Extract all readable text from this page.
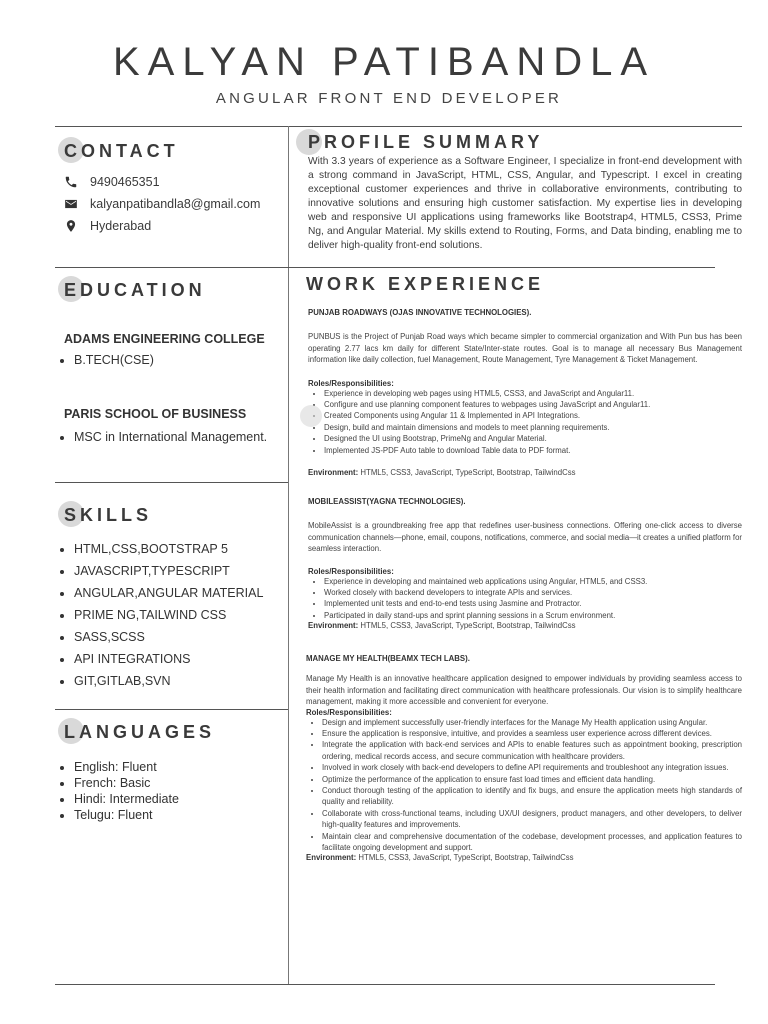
KALYAN PATIBANDLA
ANGULAR FRONT END DEVELOPER
CONTACT
9490465351
kalyanpatibandla8@gmail.com
Hyderabad
EDUCATION
ADAMS ENGINEERING COLLEGE
• B.TECH(CSE)
PARIS SCHOOL OF BUSINESS
• MSC in International Management.
SKILLS
• HTML,CSS,BOOTSTRAP 5
• JAVASCRIPT,TYPESCRIPT
• ANGULAR,ANGULAR MATERIAL
• PRIME NG,TAILWIND CSS
• SASS,SCSS
• API INTEGRATIONS
• GIT,GITLAB,SVN
LANGUAGES
• English: Fluent
• French: Basic
• Hindi: Intermediate
• Telugu: Fluent
PROFILE SUMMARY
With 3.3 years of experience as a Software Engineer, I specialize in front-end development with a strong command in JavaScript, HTML, CSS, Angular, and Typescript. I excel in creating exceptional customer experiences and thrive in collaborative environments, contributing to innovative solutions and ensuring high customer satisfaction. My expertise lies in developing web and responsive UI applications using frameworks like Bootstrap4, HTML5, CSS3, Prime Ng, and Angular Material. My skills extend to Routing, Forms, and Data binding, enabling me to deliver high-quality front-end solutions.
WORK EXPERIENCE
PUNJAB ROADWAYS (OJAS INNOVATIVE TECHNOLOGIES).
PUNBUS is the Project of Punjab Road ways which became simpler to commercial organization and With Pun bus has been operating 2.77 lacs km daily for different State/Inter-state routes. Goal is to manage all necessary Bus Management information like daily collection, fuel Management, Route Management, Tyre Management & Ticket Management.
Roles/Responsibilities:
• Experience in developing web pages using HTML5, CSS3, and JavaScript and Angular11.
• Configure and use planning component features to webpages using JavaScript and Angular11.
• Created Components using Angular 11 & Implemented in API Integrations.
• Design, build and maintain dimensions and models to meet planning requirements.
• Designed the UI using Bootstrap, PrimeNg and Angular Material.
• Implemented JS-PDF Auto table to download Table data to PDF format.
Environment: HTML5, CSS3, JavaScript, TypeScript, Bootstrap, TailwindCss
MOBILEASSIST(YAGNA TECHNOLOGIES).
MobileAssist is a groundbreaking free app that redefines user-business connections. Offering one-click access to diverse communication channels—phone, email, coupons, notifications, commerce, and social media—it creates a unified platform for seamless interaction.
Roles/Responsibilities:
• Experience in developing and maintained web applications using Angular, HTML5, and CSS3.
• Worked closely with backend developers to integrate APIs and services.
• Implemented unit tests and end-to-end tests using Jasmine and Protractor.
• Participated in daily stand-ups and sprint planning sessions in a Scrum environment.
Environment: HTML5, CSS3, JavaScript, TypeScript, Bootstrap, TailwindCss
MANAGE MY HEALTH(BEAMX TECH LABS).
Manage My Health is an innovative healthcare application designed to empower individuals by providing seamless access to their health information and facilitating direct communication with healthcare professionals. Our vision is to simplify healthcare management, making it more accessible and convenient for everyone.
Roles/Responsibilities:
• Design and implement successfully user-friendly interfaces for the Manage My Health application using Angular.
• Ensure the application is responsive, intuitive, and provides a seamless user experience across different devices.
• Integrate the application with back-end services and APIs to enable features such as appointment booking, prescription ordering, medical records access, and secure communication with healthcare providers.
• Involved in work closely with back-end developers to define API requirements and troubleshoot any integration issues.
• Optimize the performance of the application to ensure fast load times and efficient data handling.
• Conduct thorough testing of the application to identify and fix bugs, and ensure the application meets high standards of quality and reliability.
• Collaborate with cross-functional teams, including UX/UI designers, product managers, and other developers, to deliver high-quality features and improvements.
• Maintain clear and comprehensive documentation of the codebase, development processes, and application features to facilitate ongoing development and support.
Environment: HTML5, CSS3, JavaScript, TypeScript, Bootstrap, TailwindCss
